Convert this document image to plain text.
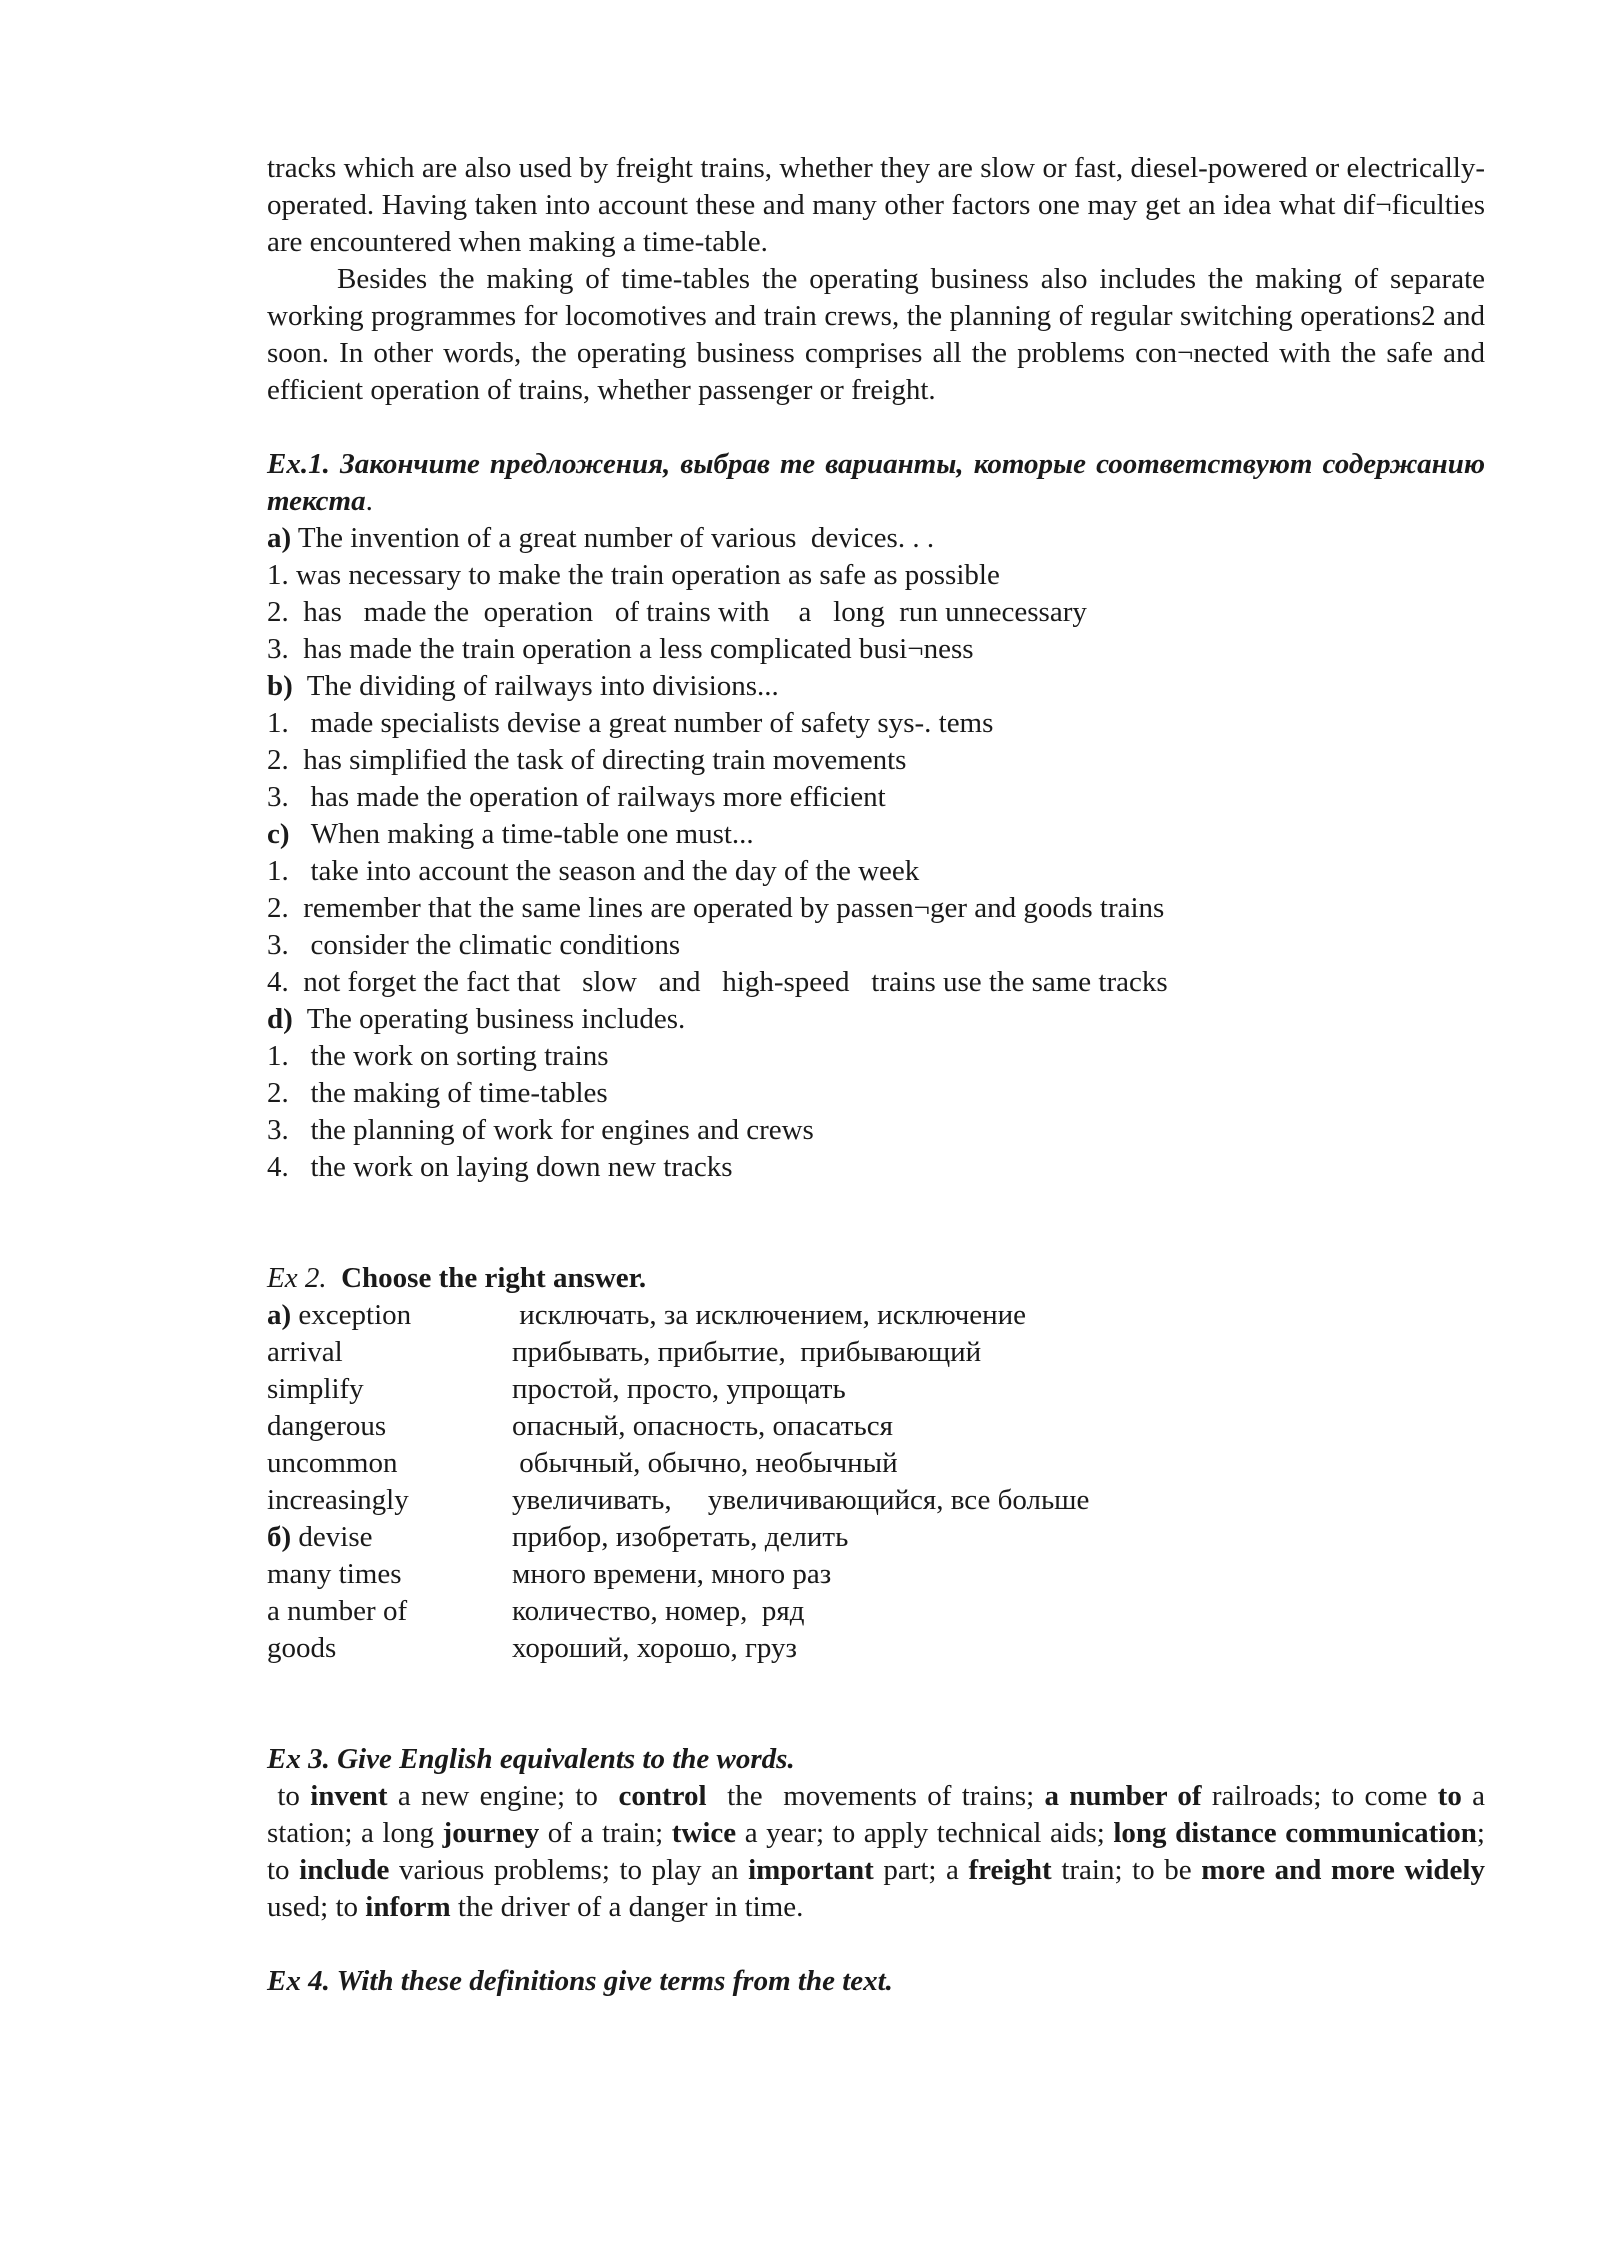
tracks which are also used by freight trains, whether they are slow or fast, diesel-powered or electrically-operated. Having taken into account these and many other factors one may get an idea what dif¬ficulties are encountered when making a time-table.

Besides the making of time-tables the operating business also includes the making of separate working programmes for locomotives and train crews, the planning of regular switching operations2 and soon. In other words, the operating business comprises all the problems con¬nected with the safe and efficient operation of trains, whether passenger or freight.

Ex.1. Закончите предложения, выбрав те варианты, которые соответствуют содержанию текста.

a) The invention of a great number of various  devices. . .

1. was necessary to make the train operation as safe as possible

2.  has   made the  operation   of trains with    a   long  run unnecessary

3.  has made the train operation a less complicated busi¬ness

b)  The dividing of railways into divisions...

1.   made specialists devise a great number of safety sys-. tems

2.  has simplified the task of directing train movements

3.   has made the operation of railways more efficient

c)   When making a time-table one must...

1.   take into account the season and the day of the week

2.  remember that the same lines are operated by passen¬ger and goods trains

3.   consider the climatic conditions

4.  not forget the fact that   slow   and   high-speed   trains use the same tracks

d)  The operating business includes.

1.   the work on sorting trains

2.   the making of time-tables

3.   the planning of work for engines and crews

4.   the work on laying down new tracks

Ex 2.  Choose the right answer.

а) exception	исключать, за исключением, исключение
arrival	прибывать, прибытие,  прибывающий
simplify	простой, просто, упрощать
dangerous	опасный, опасность, опасаться
uncommon	обычный, обычно, необычный
increasingly	увеличивать,     увеличивающийся, все больше
б) devise	прибор, изобретать, делить
many times	много времени, много раз
a number of	количество, номер,  ряд
goods	хороший, хорошо, груз

Ex 3. Give English equivalents to the words.

to invent a new engine; to  control  the  movements of trains; a number of railroads; to come to a station; a long journey of a train; twice a year; to apply technical aids; long distance communication; to include various problems; to play an important part; a freight train; to be more and more widely used; to inform the driver of a danger in time.

Ex 4. With these definitions give terms from the text.
